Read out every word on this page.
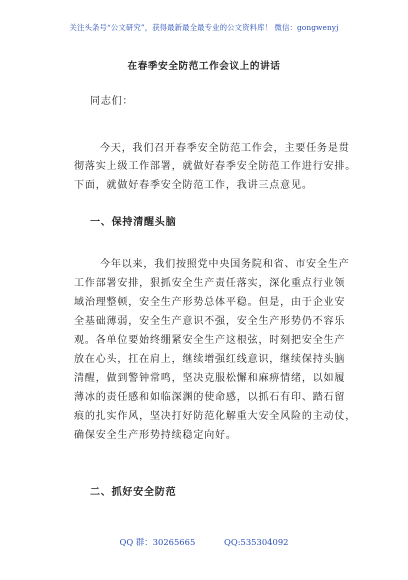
关注头条号“公文研究”，获得最新最全最专业的公文资料库！ 微信：gongwenyj
在春季安全防范工作会议上的讲话
同志们：
今天，我们召开春季安全防范工作会，主要任务是贯
彻落实上级工作部署，就做好春季安全防范工作进行安排。
下面，就做好春季安全防范工作，我讲三点意见。
一、保持清醒头脑
今年以来，我们按照党中央国务院和省、市安全生产
工作部署安排，狠抓安全生产责任落实，深化重点行业领
域治理整顿，安全生产形势总体平稳。但是，由于企业安
全基础薄弱，安全生产意识不强，安全生产形势仍不容乐
观。各单位要始终绷紧安全生产这根弦，时刻把安全生产
放在心头，扛在肩上，继续增强红线意识，继续保持头脑
清醒，做到警钟常鸣，坚决克服松懈和麻痹情绪，以如履
薄冰的责任感和如临深渊的使命感，以抓石有印、踏石留
痕的扎实作风，坚决打好防范化解重大安全风险的主动仗，
确保安全生产形势持续稳定向好。
二、抓好安全防范
QQ 群：30265665	QQ:535304092
